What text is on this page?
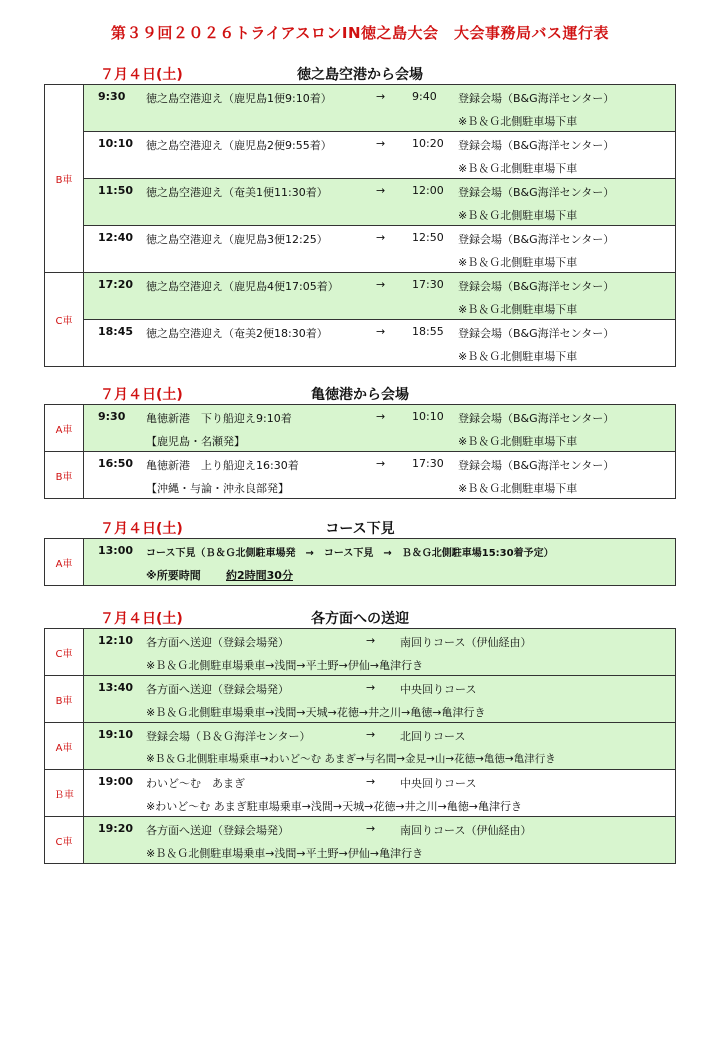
第３９回２０２６トライアスロンIN徳之島大会　大会事務局バス運行表
徳之島空港から会場
７月４日(土)
B車
9:30 徳之島空港迎え（鹿児島1便9:10着）	→ 9:40 登録会場（B&G海洋センター）
※Ｂ＆Ｇ北側駐車場下車
10:10 徳之島空港迎え（鹿児島2便9:55着）	→ 10:20 登録会場（B&G海洋センター）
※Ｂ＆Ｇ北側駐車場下車
11:50 徳之島空港迎え（奄美1便11:30着）	→ 12:00 登録会場（B&G海洋センター）
※Ｂ＆Ｇ北側駐車場下車
12:40 徳之島空港迎え（鹿児島3便12:25）	→ 12:50 登録会場（B&G海洋センター）
※Ｂ＆Ｇ北側駐車場下車
C車
17:20 徳之島空港迎え（鹿児島4便17:05着）	→ 17:30 登録会場（B&G海洋センター）
※Ｂ＆Ｇ北側駐車場下車
18:45 徳之島空港迎え（奄美2便18:30着）	→ 18:55 登録会場（B&G海洋センター）
※Ｂ＆Ｇ北側駐車場下車
亀徳港から会場
７月４日(土)
A車
9:30 亀徳新港　下り船迎え9:10着	→ 10:10 登録会場（B&G海洋センター）
【鹿児島・名瀬発】	※Ｂ＆Ｇ北側駐車場下車
B車
16:50 亀徳新港　上り船迎え16:30着	→ 17:30 登録会場（B&G海洋センター）
【沖縄・与論・沖永良部発】	※Ｂ＆Ｇ北側駐車場下車
コース下見
７月４日(土)
A車
13:00 コース下見（Ｂ＆Ｇ北側駐車場発　→　コース下見　→　Ｂ＆Ｇ北側駐車場15:30着予定）
※所要時間 約2時間30分
各方面への送迎
７月４日(土)
C車
12:10 各方面へ送迎（登録会場発）	→ 南回りコース（伊仙経由）
※Ｂ＆Ｇ北側駐車場乗車→浅間→平土野→伊仙→亀津行き
B車
13:40 各方面へ送迎（登録会場発）	→ 中央回りコース
※Ｂ＆Ｇ北側駐車場乗車→浅間→天城→花徳→井之川→亀徳→亀津行き
A車
19:10 登録会場（Ｂ＆Ｇ海洋センター）	→ 北回りコース
※Ｂ＆Ｇ北側駐車場乗車→わいど～む あまぎ→与名間→金見→山→花徳→亀徳→亀津行き
Ｂ車
19:00 わいど～む　あまぎ	→ 中央回りコース
※わいど～む あまぎ駐車場乗車→浅間→天城→花徳→井之川→亀徳→亀津行き
C車
19:20 各方面へ送迎（登録会場発）	→ 南回りコース（伊仙経由）
※Ｂ＆Ｇ北側駐車場乗車→浅間→平土野→伊仙→亀津行き
